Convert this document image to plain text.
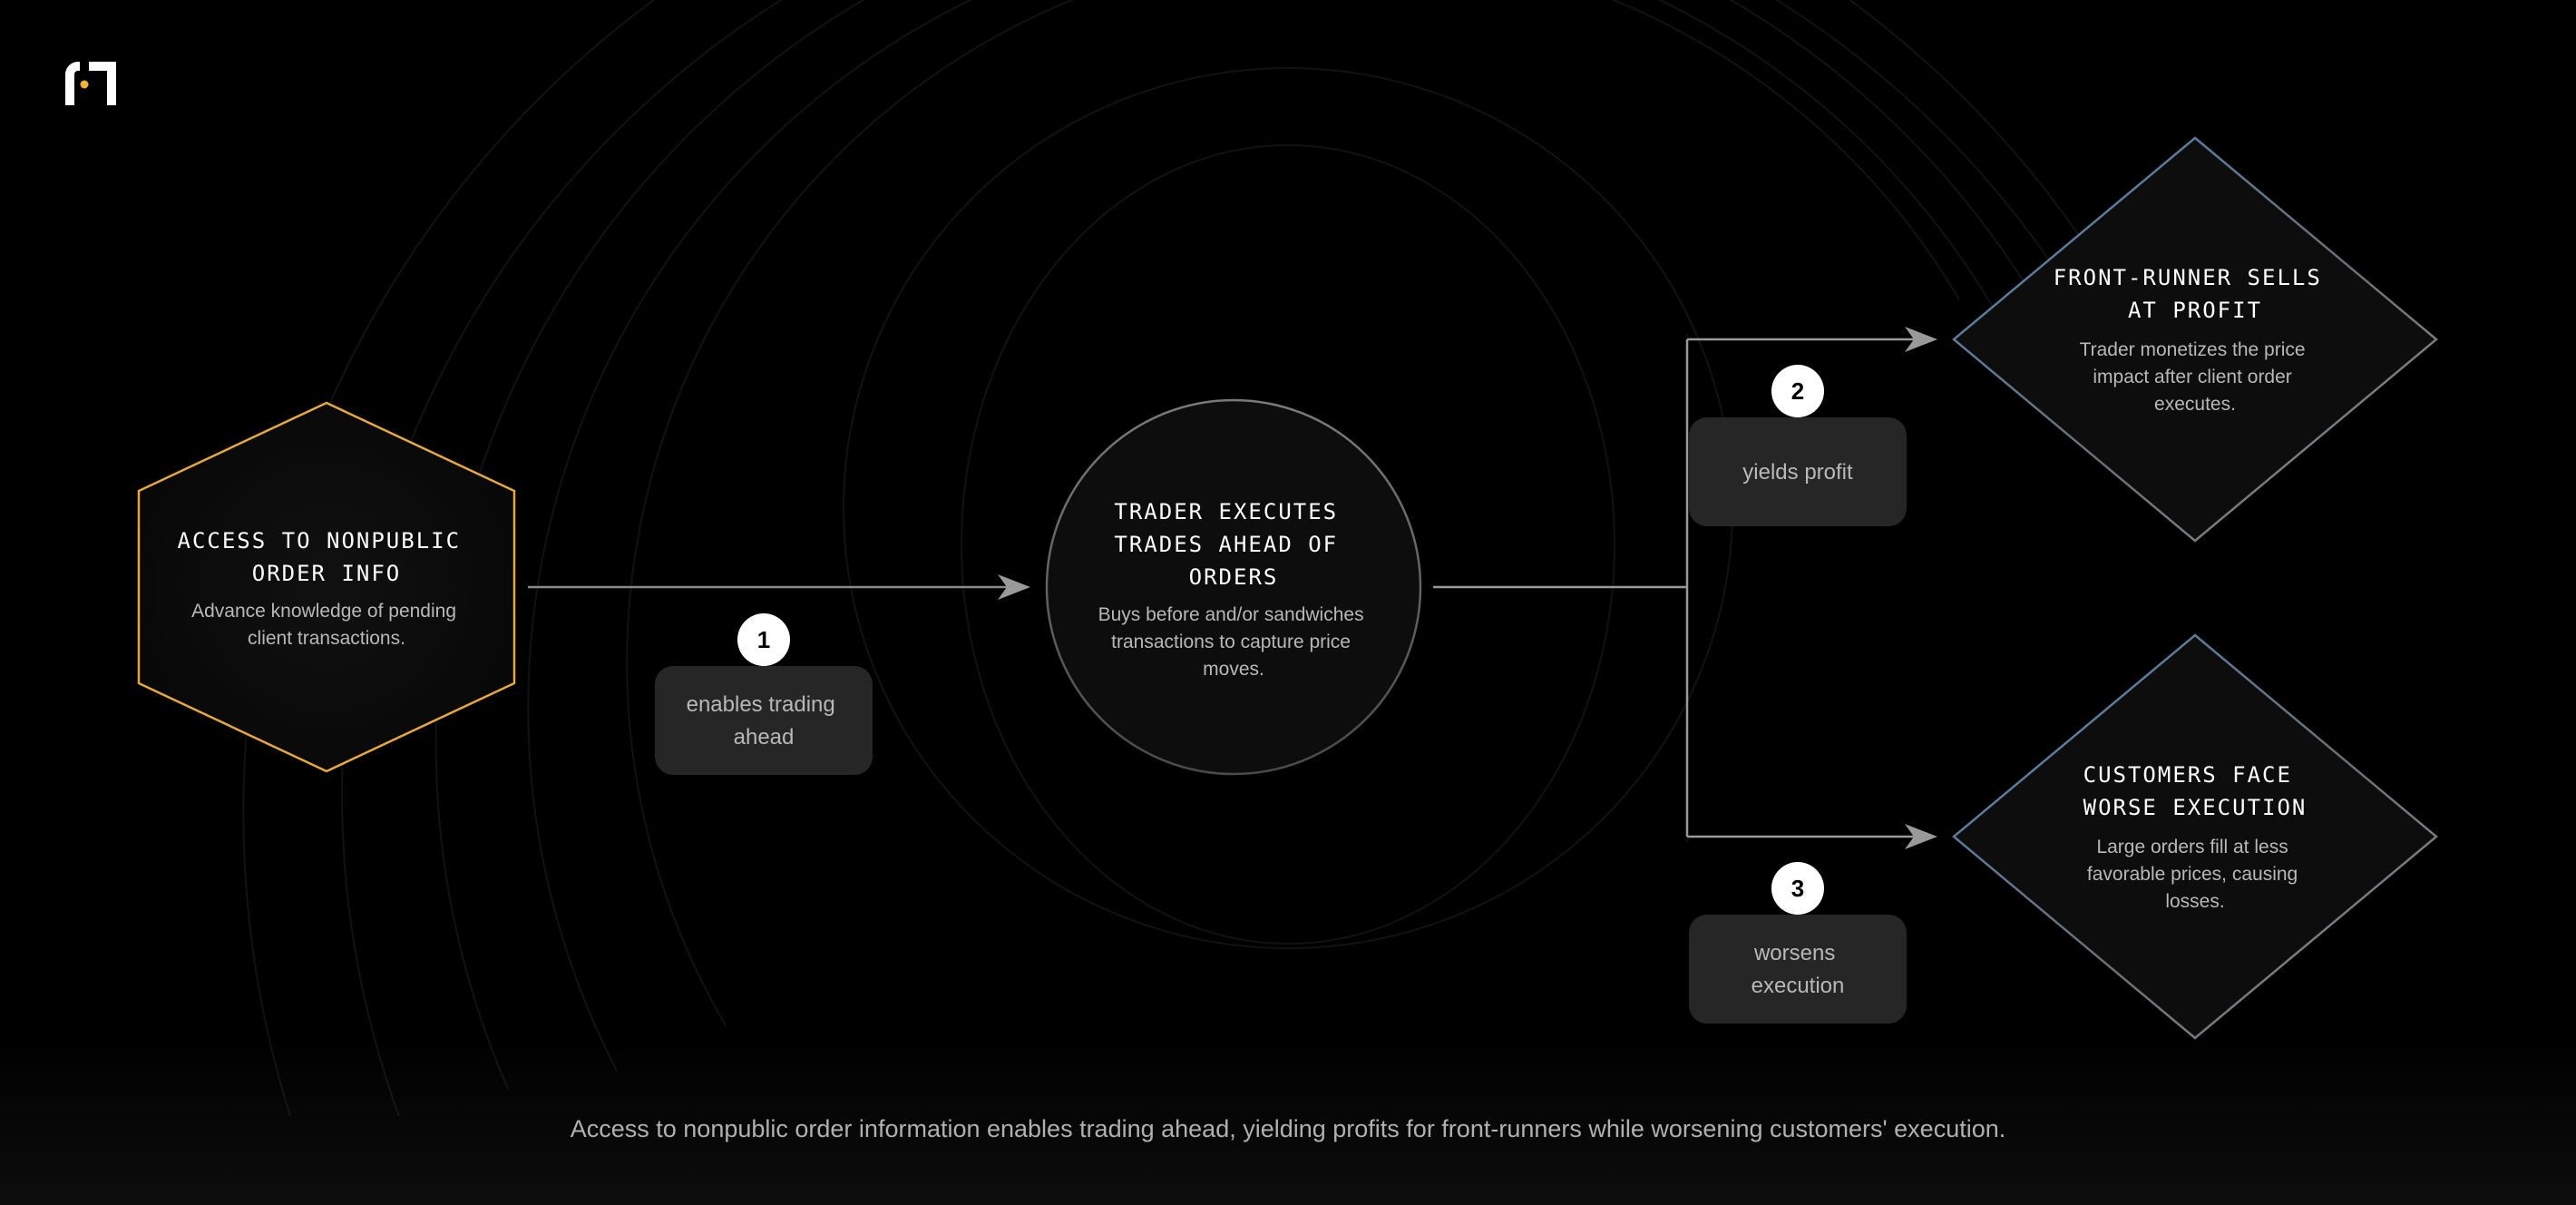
ACCESS TO NONPUBLIC ORDER INFO
Advance knowledge of pending client transactions.
TRADER EXECUTES TRADES AHEAD OF ORDERS
Buys before and/or sandwiches transactions to capture price moves.
FRONT-RUNNER SELLS AT PROFIT
Trader monetizes the price impact after client order executes.
CUSTOMERS FACE WORSE EXECUTION
Large orders fill at less favorable prices, causing losses.
enables trading ahead
1
yields profit
2
worsens execution
3
Access to nonpublic order information enables trading ahead, yielding profits for front-runners while worsening customers' execution.
